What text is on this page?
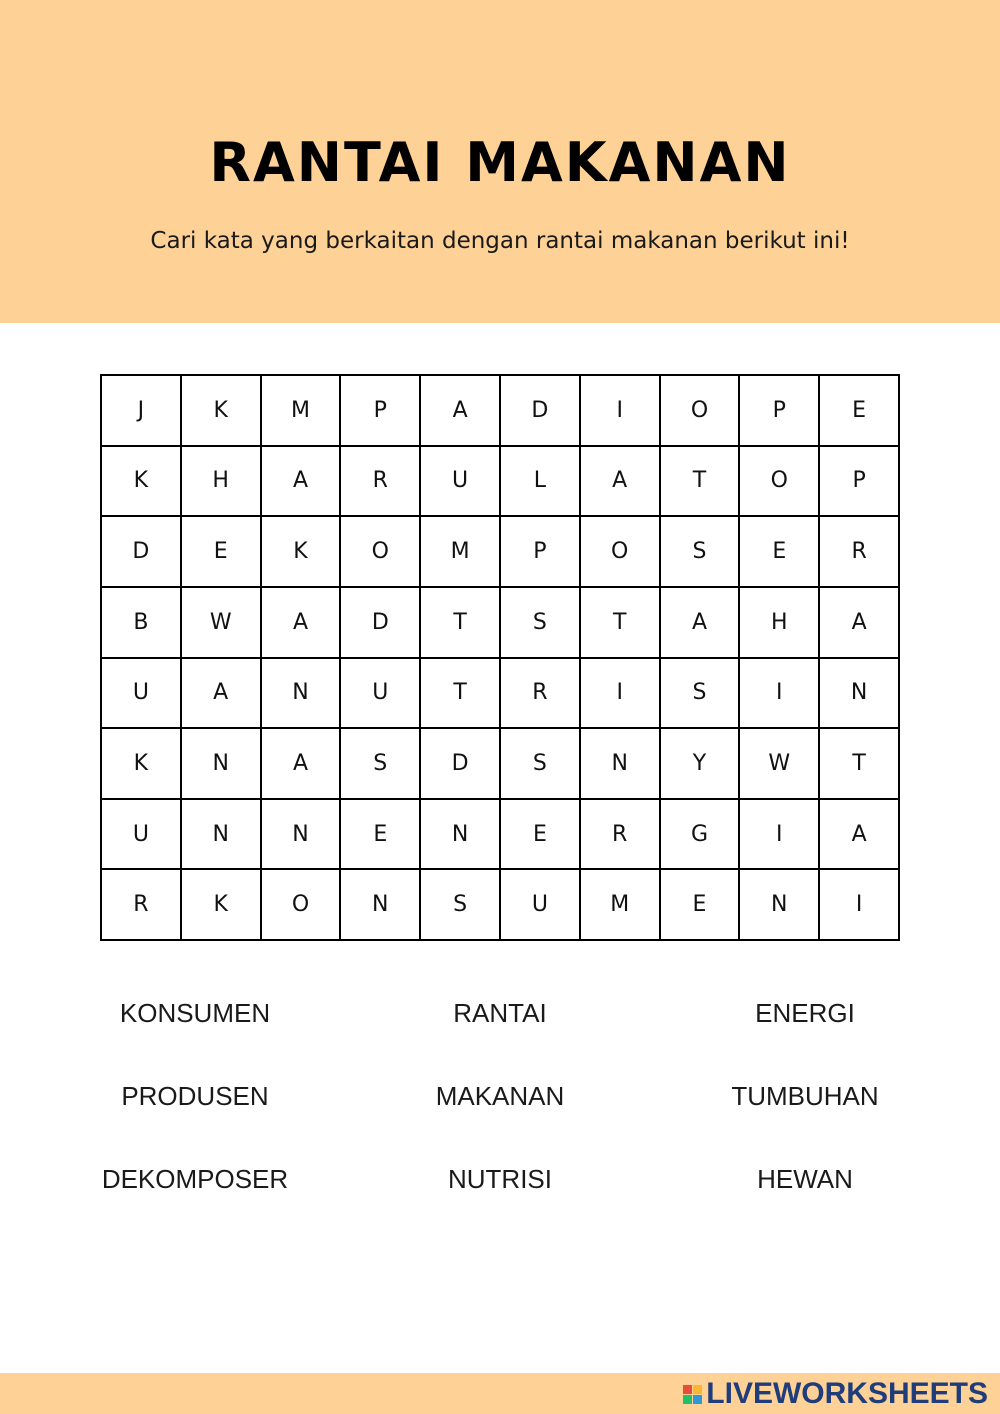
RANTAI MAKANAN
Cari kata yang berkaitan dengan rantai makanan berikut ini!
J	K	M	P	A	D	I	O	P	E
K	H	A	R	U	L	A	T	O	P
D	E	K	O	M	P	O	S	E	R
B	W	A	D	T	S	T	A	H	A
U	A	N	U	T	R	I	S	I	N
K	N	A	S	D	S	N	Y	W	T
U	N	N	E	N	E	R	G	I	A
R	K	O	N	S	U	M	E	N	I
KONSUMEN	RANTAI	ENERGI
PRODUSEN	MAKANAN	TUMBUHAN
DEKOMPOSER	NUTRISI	HEWAN
LIVEWORKSHEETS
